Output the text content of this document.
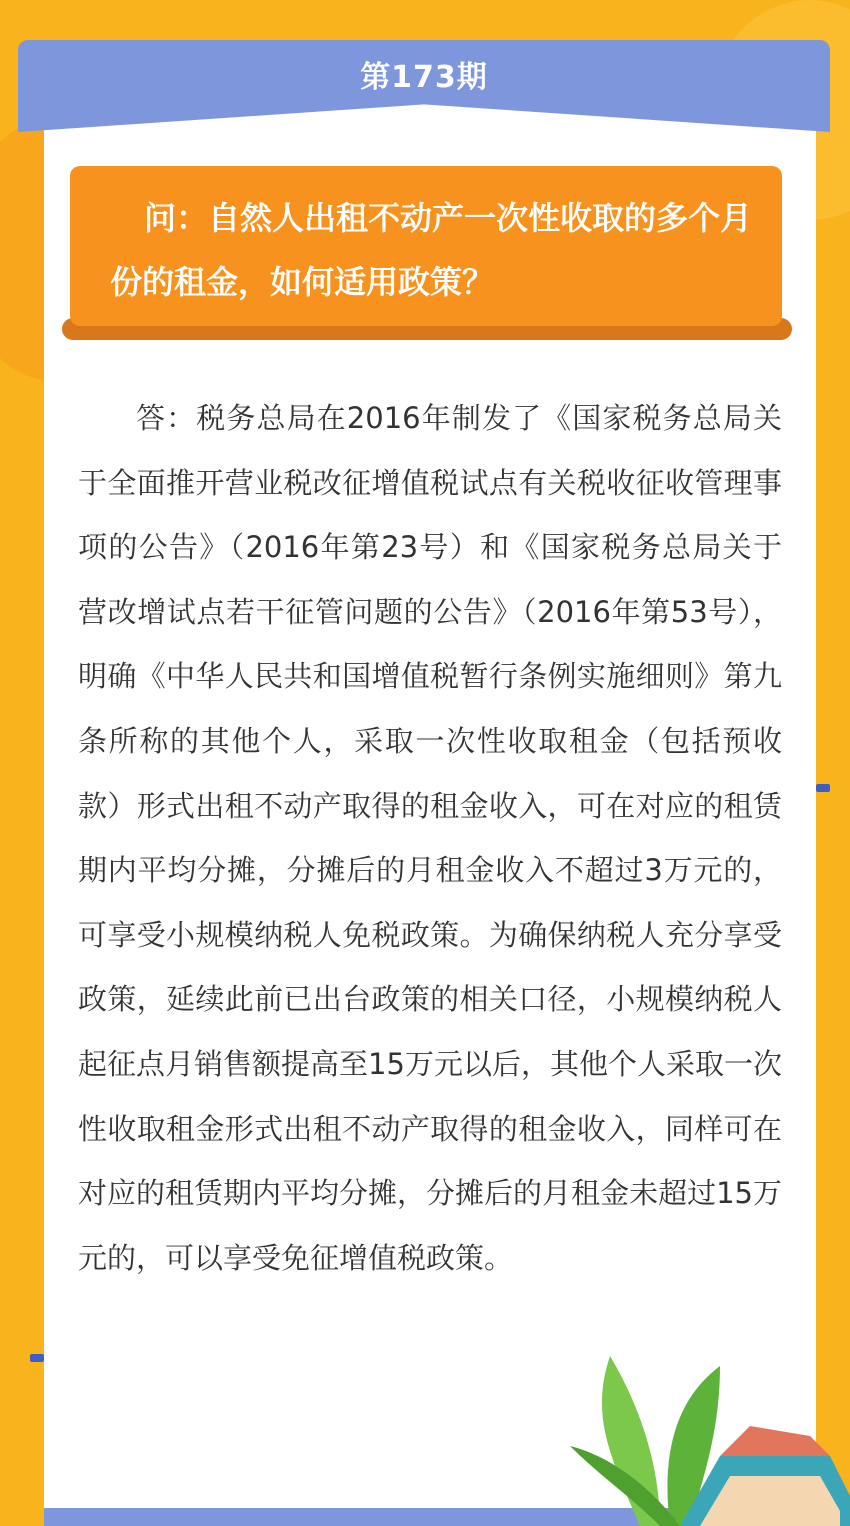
第173期
问：自然人出租不动产一次性收取的多个月份的租金，如何适用政策？

答：税务总局在2016年制发了《国家税务总局关于全面推开营业税改征增值税试点有关税收征收管理事项的公告》（2016年第23号）和《国家税务总局关于营改增试点若干征管问题的公告》（2016年第53号），明确《中华人民共和国增值税暂行条例实施细则》第九条所称的其他个人，采取一次性收取租金（包括预收款）形式出租不动产取得的租金收入，可在对应的租赁期内平均分摊，分摊后的月租金收入不超过3万元的，可享受小规模纳税人免税政策。为确保纳税人充分享受政策，延续此前已出台政策的相关口径，小规模纳税人起征点月销售额提高至15万元以后，其他个人采取一次性收取租金形式出租不动产取得的租金收入，同样可在对应的租赁期内平均分摊，分摊后的月租金未超过15万元的，可以享受免征增值税政策。
